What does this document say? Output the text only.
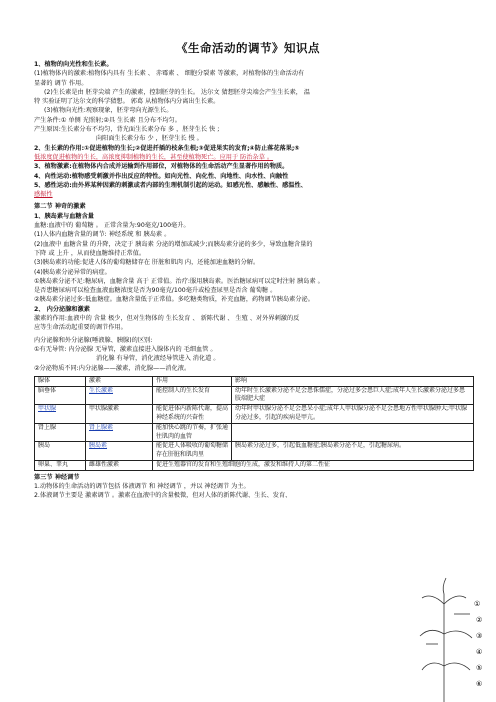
《生命活动的调节》知识点
1、植物的向光性和生长素。
(1)植物体内的激素:植物体内具有 生长素 、 赤霉素 、 细胞分裂素 等激素，对植物体的生命活动有
显著的 调节 作用。
(2)生长素是由 胚芽尖端 产生的激素，控制胚芽的生长。 达尔文 猜想胚芽尖端会产生生长素， 温
特 实验证明了达尔文的科学猜想。 郭葛 从植物体内分离出生长素。
(3)植物向光性:观察现象，胚芽弯向光源生长。
产生条件:① 单侧 光照射;②具 生长素 且分布不均匀。
产生原因:生长素分布不均匀，背光面生长素分布 多 ，胚芽生长 快 ;
向阳面生长素分布 少 ，胚芽生长 慢 。
2、生长素的作用:①促进植物的生长;②促进扦插的枝条生根;③促进果实的发育;④防止落花落果;⑤
低浓度促进植物的生长，高浓度抑制植物的生长，甚至使植物死亡。应用于 防治杂草 。
3、植物激素:在植物体内合成并运输到作用部位，对植物体的生命活动产生显著作用的物质。
4、向性运动:植物感受刺激并作出反应的特性。如向光性、向化性、向地性、向水性、向触性
5、感性运动:由外界某种因素的刺激或者内部的生理机制引起的运动。如感光性、感触性、感温性、
感振性
第二节 神奇的激素
1、胰岛素与血糖含量
血糖:血液中的 葡萄糖 。 正常含量为:90毫克/100毫升。
(1)人体内血糖含量的调节: 神经系统 和 胰岛素 。
(2)血液中 血糖含量 的升降，决定于 胰岛素 分泌的增加或减少;而胰岛素分泌的多少，导致血糖含量的
下降 或 上升 ，从而使血糖维持正常值。
(3)胰岛素的功能:促进人体的葡萄糖储存在 肝脏和肌肉 内，还能加速血糖的分解。
(4)胰岛素分泌异常的病症。
①胰岛素分泌不足:糖尿病，血糖含量 高于 正常值。治疗:服用胰岛素。医治糖尿病可以定时注射 胰岛素 。
是否患糖尿病可以检查血液血糖浓度是否为90毫克/100毫升或检查尿里是否含 葡萄糖 。
②胰岛素分泌过多:低血糖症。血糖含量低于正常值。多吃糖类物质，补充血糖，药物调节胰岛素分泌。
2、 内分泌腺和激素
激素的作用:血液中的 含量 极少，但对生物体的 生长发育 、 新陈代谢 、 生殖 、对外界刺激的反
应等生命活动起重要的调节作用。
内分泌腺和外分泌腺(唾液腺、胰腺)的区别:
①有无导管: 内分泌腺 无导管，激素直接进入腺体内的 毛细血管 。
消化腺 有导管，消化液经导管进入 消化道 。
②分泌物质不同:内分泌腺——激素，消化腺——消化液。
腺体	激素	作用	影响
脑垂体	生长激素	能控制人的生长发育	幼年时生长激素分泌不足会患侏儒症，分泌过多会患巨人症;成年人生长激素分泌过多患肢端肥大症
甲状腺	甲状腺激素	能促进体内新陈代谢，提高神经系统的兴奋性	幼年时甲状腺分泌不足会患呆小症;成年人甲状腺分泌不足会患地方性甲状腺肿大;甲状腺分泌过多，引起的疾病是甲亢。
肾上腺	肾上腺素	能加快心跳的节奏，扩张通往肌肉的血管	
胰岛	胰岛素	能促进人体吸收的葡萄糖储存在肝脏和肌肉里	胰岛素分泌过多，引起低血糖症;胰岛素分泌不足，引起糖尿病。
卵巢、睾丸	雌雄性激素	促进生殖器官的发育和生殖细胞的生成，激发和维持人的第二性征	
第三节 神经调节
1.动物体的生命活动的调节包括 体液调节 和 神经调节 ，并以 神经调节 为主。
2.体液调节主要是 激素调节 。激素在血液中的含量极微，但对人体的新陈代谢、生长、发育、
①
②
③
④
⑤
⑥
